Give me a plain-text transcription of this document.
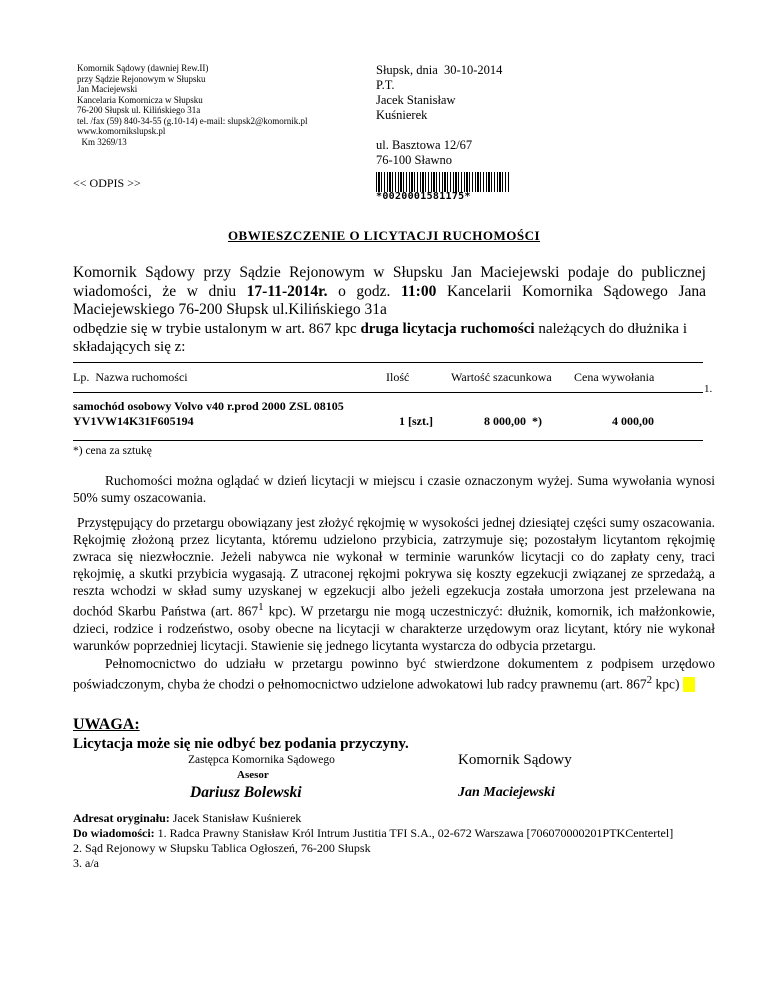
Komornik Sądowy (dawniej Rew.II)
przy Sądzie Rejonowym w Słupsku
Jan Maciejewski
Kancelaria Komornicza w Słupsku
76-200 Słupsk ul. Kilińskiego 31a
tel. /fax (59) 840-34-55 (g.10-14) e-mail: slupsk2@komornik.pl
www.komornikslupsk.pl
Km 3269/13
Słupsk, dnia  30-10-2014
P.T.
Jacek Stanisław
Kuśnierek
ul. Basztowa 12/67
76-100 Sławno
<< ODPIS >>
*0020001581175*
OBWIESZCZENIE O LICYTACJI RUCHOMOŚCI
Komornik Sądowy przy Sądzie Rejonowym w Słupsku Jan Maciejewski podaje do publicznej
wiadomości, że w dniu 17-11-2014r. o godz. 11:00 Kancelarii Komornika Sądowego Jana
Maciejewskiego 76-200 Słupsk ul.Kilińskiego 31a
odbędzie się w trybie ustalonym w art. 867 kpc druga licytacja ruchomości należących do dłużnika i
składających się z:
Lp.  Nazwa ruchomości	Ilość	Wartość szacunkowa Cena wywołania
1.
samochód osobowy Volvo v40 r.prod 2000 ZSL 08105
YV1VW14K31F605194	1 [szt.]	8 000,00  *)	4 000,00
*) cena za sztukę
Ruchomości można oglądać w dzień licytacji w miejscu i czasie oznaczonym wyżej. Suma wywołania wynosi 50% sumy oszacowania.
Przystępujący do przetargu obowiązany jest złożyć rękojmię w wysokości jednej dziesiątej części sumy oszacowania. Rękojmię złożoną przez licytanta, któremu udzielono przybicia, zatrzymuje się; pozostałym licytantom rękojmię zwraca się niezwłocznie. Jeżeli nabywca nie wykonał w terminie warunków licytacji co do zapłaty ceny, traci rękojmię, a skutki przybicia wygasają. Z utraconej rękojmi pokrywa się koszty egzekucji związanej ze sprzedażą, a reszta wchodzi w skład sumy uzyskanej w egzekucji albo jeżeli egzekucja została umorzona jest przelewana na dochód Skarbu Państwa (art. $867^1$ kpc). W przetargu nie mogą uczestniczyć: dłużnik, komornik, ich małżonkowie, dzieci, rodzice i rodzeństwo, osoby obecne na licytacji w charakterze urzędowym oraz licytant, który nie wykonał warunków poprzedniej licytacji. Stawienie się jednego licytanta wystarcza do odbycia przetargu.
Pełnomocnictwo do udziału w przetargu powinno być stwierdzone dokumentem z podpisem urzędowo poświadczonym, chyba że chodzi o pełnomocnictwo udzielone adwokatowi lub radcy prawnemu (art. $867^2$ kpc)
UWAGA:
Licytacja może się nie odbyć bez podania przyczyny.
Zastępca Komornika Sądowego
Asesor
Dariusz Bolewski
Komornik Sądowy
Jan Maciejewski
Adresat oryginału: Jacek Stanisław Kuśnierek
Do wiadomości: 1. Radca Prawny Stanisław Król Intrum Justitia TFI S.A., 02-672 Warszawa [706070000201PTKCentertel]
2. Sąd Rejonowy w Słupsku Tablica Ogłoszeń, 76-200 Słupsk
3. a/a
